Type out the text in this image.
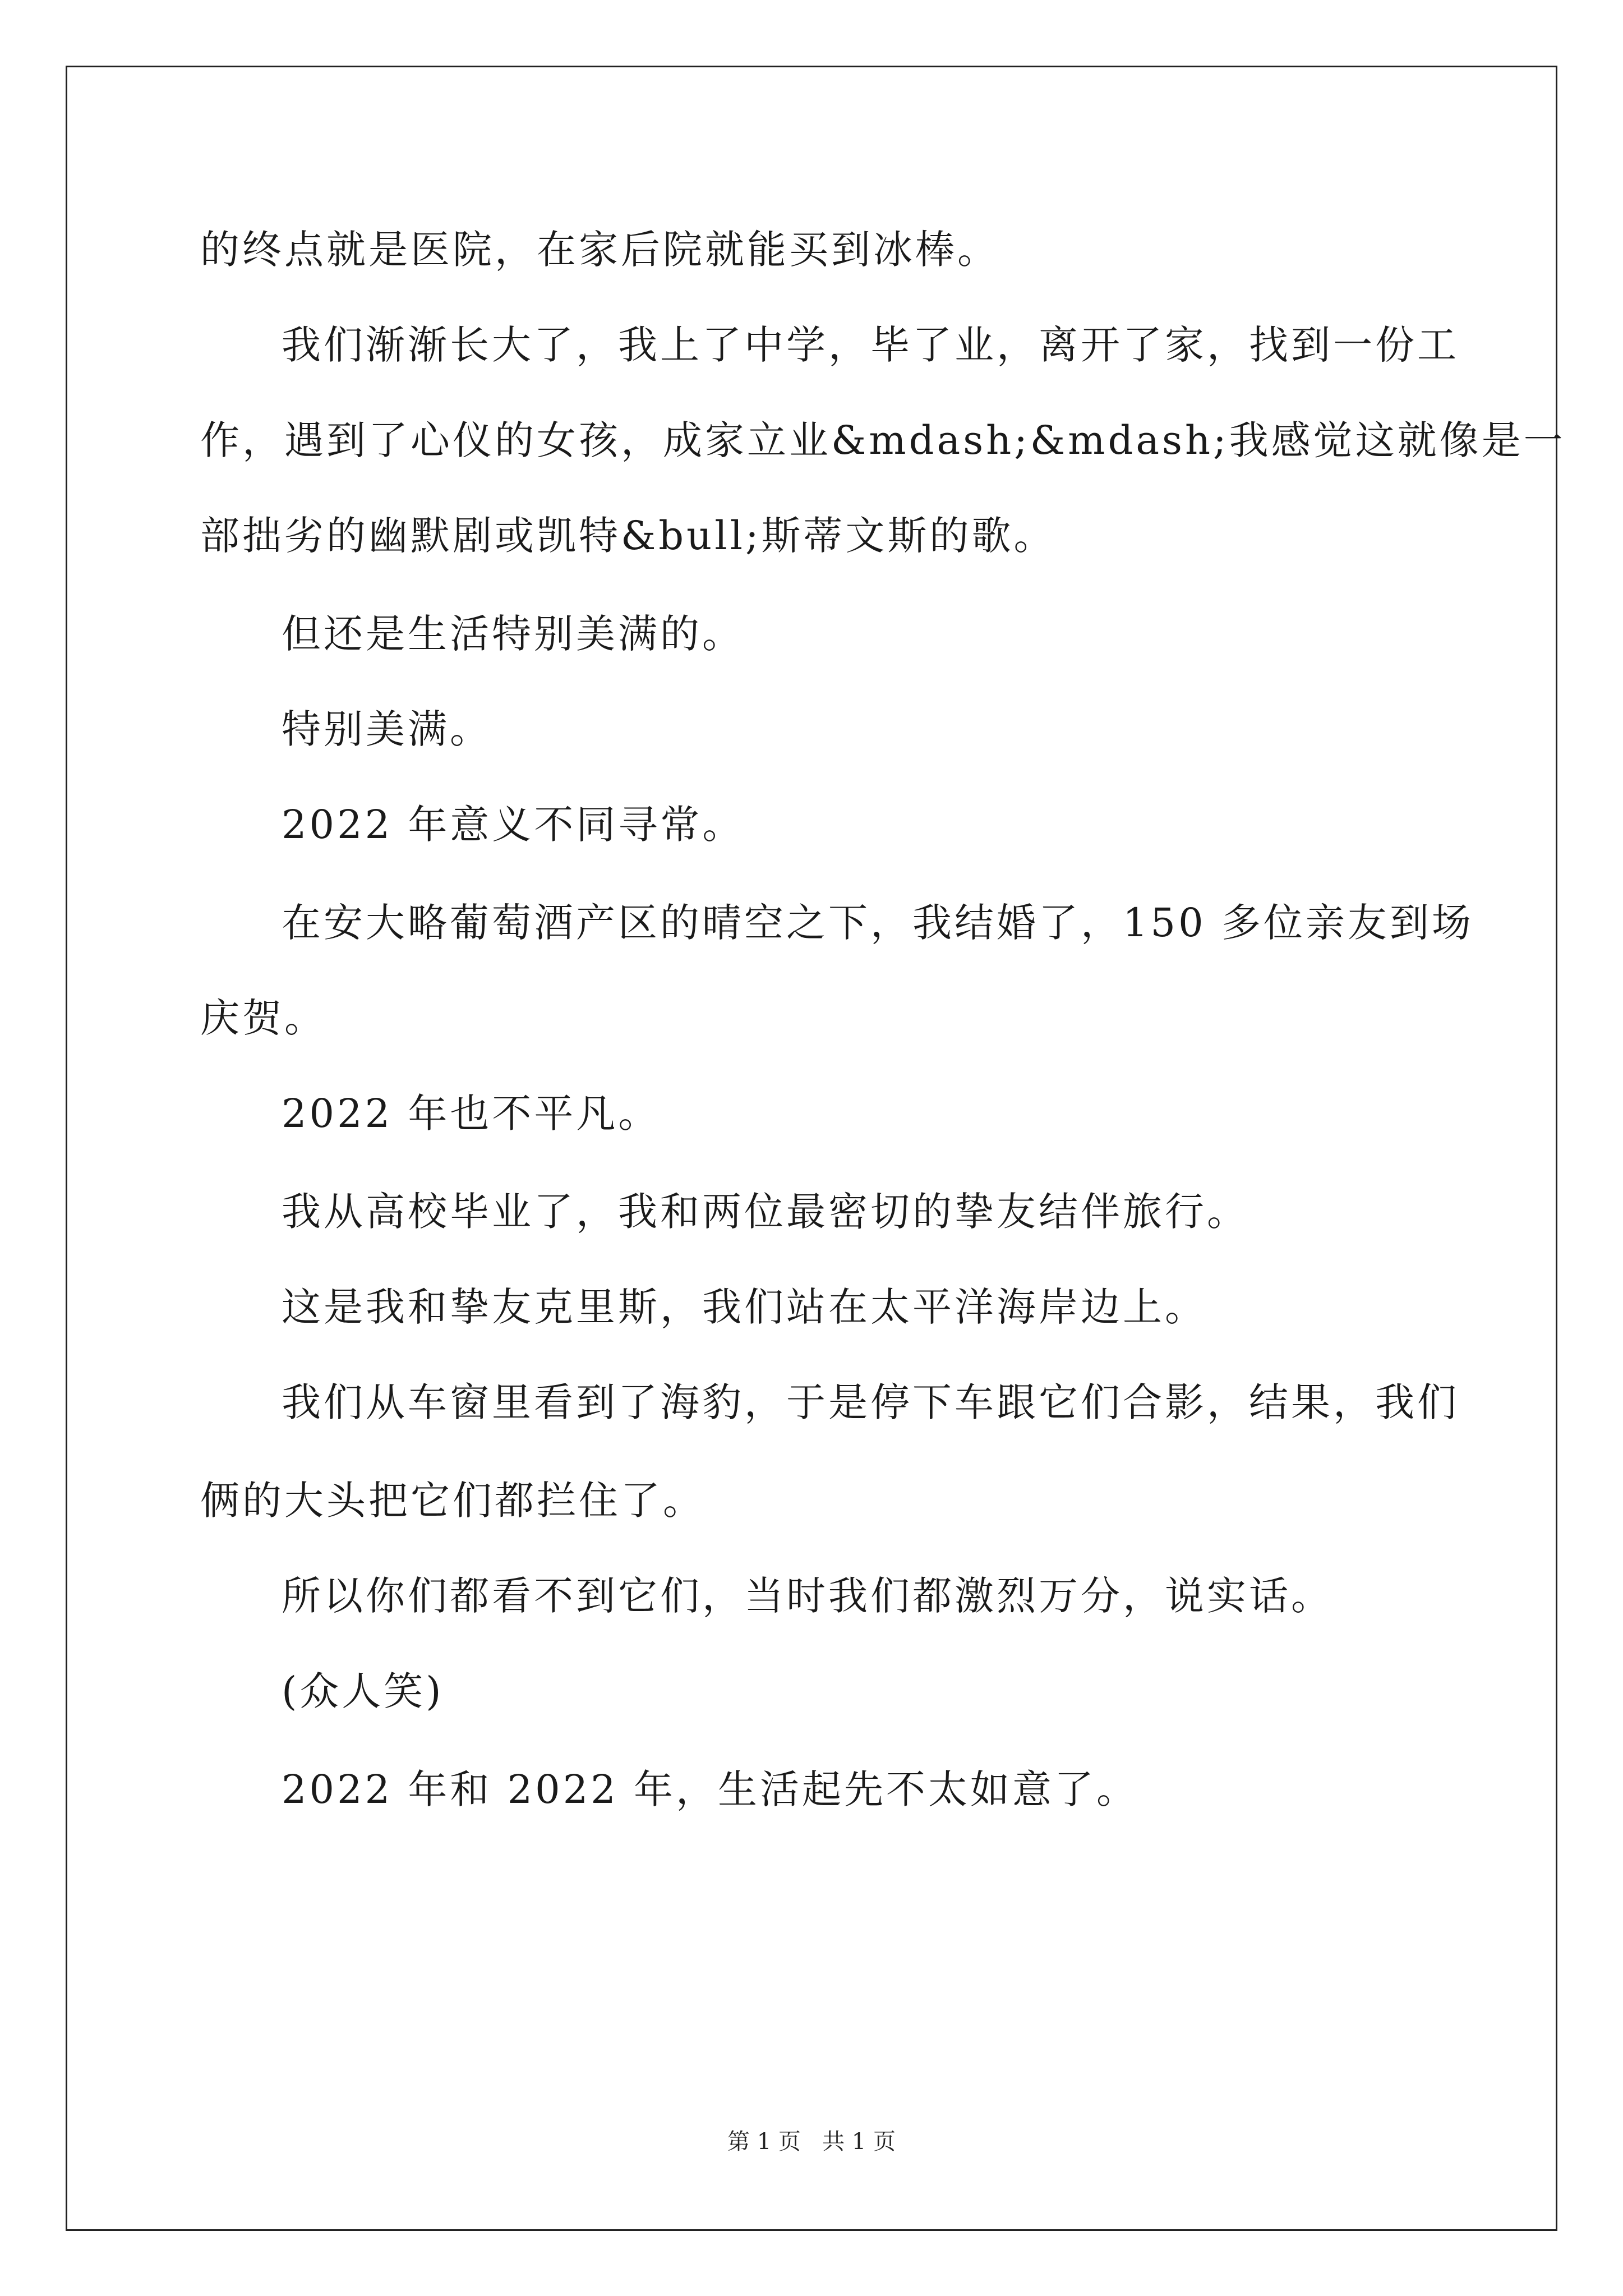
的终点就是医院，在家后院就能买到冰棒。
我们渐渐长大了，我上了中学，毕了业，离开了家，找到一份工
作，遇到了心仪的女孩，成家立业&mdash;&mdash;我感觉这就像是一
部拙劣的幽默剧或凯特&bull;斯蒂文斯的歌。
但还是生活特别美满的。
特别美满。
2022 年意义不同寻常。
在安大略葡萄酒产区的晴空之下，我结婚了，150 多位亲友到场
庆贺。
2022 年也不平凡。
我从高校毕业了，我和两位最密切的挚友结伴旅行。
这是我和挚友克里斯，我们站在太平洋海岸边上。
我们从车窗里看到了海豹，于是停下车跟它们合影，结果，我们
俩的大头把它们都拦住了。
所以你们都看不到它们，当时我们都激烈万分，说实话。
(众人笑)
2022 年和 2022 年，生活起先不太如意了。
第 1 页 共 1 页
